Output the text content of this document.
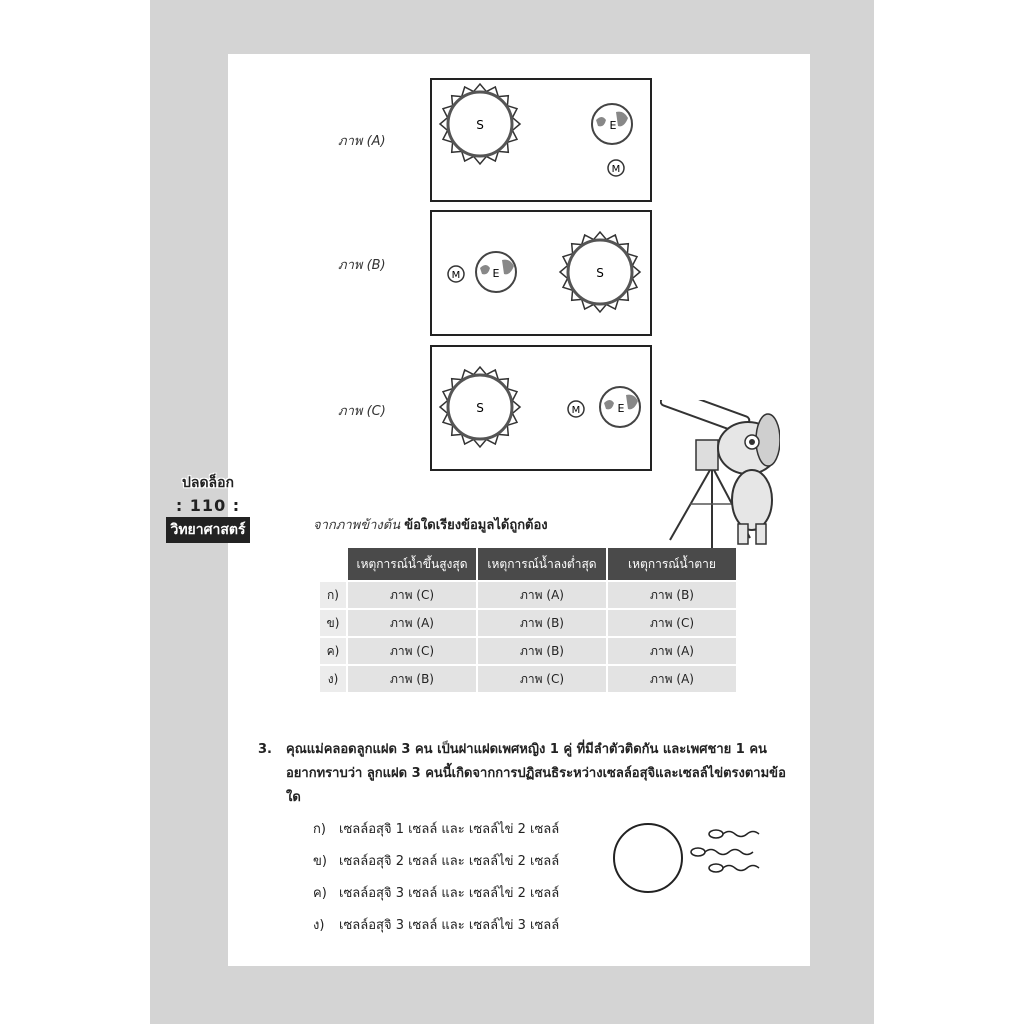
ภาพ (A)
S	E
M
ภาพ (B)
M	E	S
ภาพ (C)	S	M	E
ปลดล็อก
: 110 :
วิทยาศาสตร์	จากภาพข้างต้น ข้อใดเรียงข้อมูลได้ถูกต้อง
	เหตุการณ์น้ำขึ้นสูงสุด	เหตุการณ์น้ำลงต่ำสุด	เหตุการณ์น้ำตาย
ก)	ภาพ (C)	ภาพ (A)	ภาพ (B)
ข)	ภาพ (A)	ภาพ (B)	ภาพ (C)
ค)	ภาพ (C)	ภาพ (B)	ภาพ (A)
ง)	ภาพ (B)	ภาพ (C)	ภาพ (A)
3. คุณแม่คลอดลูกแฝด 3 คน เป็นฝาแฝดเพศหญิง 1 คู่ ที่มีลำตัวติดกัน และเพศชาย 1 คน อยากทราบว่า ลูกแฝด 3 คนนี้เกิดจากการปฏิสนธิระหว่างเซลล์อสุจิและเซลล์ไข่ตรงตามข้อใด
ก) เซลล์อสุจิ 1 เซลล์ และ เซลล์ไข่ 2 เซลล์
ข) เซลล์อสุจิ 2 เซลล์ และ เซลล์ไข่ 2 เซลล์
ค) เซลล์อสุจิ 3 เซลล์ และ เซลล์ไข่ 2 เซลล์
ง) เซลล์อสุจิ 3 เซลล์ และ เซลล์ไข่ 3 เซลล์
